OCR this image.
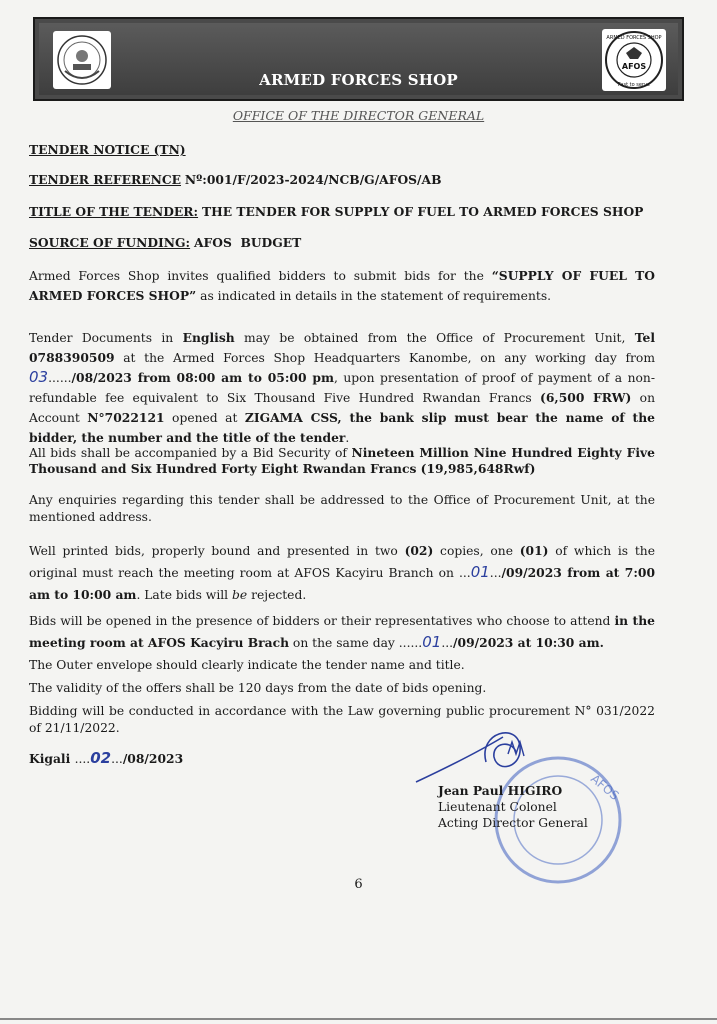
ARMED FORCES SHOP
AFOS
ARMED FORCES SHOP
Fast to serve
OFFICE OF THE DIRECTOR GENERAL
TENDER NOTICE (TN)
TENDER REFERENCE Nº:001/F/2023-2024/NCB/G/AFOS/AB
TITLE OF THE TENDER: THE TENDER FOR SUPPLY OF FUEL TO ARMED FORCES SHOP
SOURCE OF FUNDING: AFOS  BUDGET
Armed Forces Shop invites qualified bidders to submit bids for the “SUPPLY OF FUEL TO ARMED FORCES SHOP” as indicated in details in the statement of requirements.
Tender Documents in English may be obtained from the Office of Procurement Unit, Tel 0788390509 at the Armed Forces Shop Headquarters Kanombe, on any working day from 03....../08/2023 from 08:00 am to 05:00 pm, upon presentation of proof of payment of a non-refundable fee equivalent to Six Thousand Five Hundred Rwandan Francs (6,500 FRW) on Account N°7022121 opened at ZIGAMA CSS, the bank slip must bear the name of the bidder, the number and the title of the tender.
All bids shall be accompanied by a Bid Security of Nineteen Million Nine Hundred Eighty Five Thousand and Six Hundred Forty Eight Rwandan Francs (19,985,648Rwf)
Any enquiries regarding this tender shall be addressed to the Office of Procurement Unit, at the mentioned address.
Well printed bids, properly bound and presented in two (02) copies, one (01) of which is the original must reach the meeting room at AFOS Kacyiru Branch on ...01.../09/2023 from at 7:00 am to 10:00 am. Late bids will be rejected.
Bids will be opened in the presence of bidders or their representatives who choose to attend in the meeting room at AFOS Kacyiru Brach on the same day ......01.../09/2023 at 10:30 am.
The Outer envelope should clearly indicate the tender name and title.
The validity of the offers shall be 120 days from the date of bids opening.
Bidding will be conducted in accordance with the Law governing public procurement N° 031/2022 of 21/11/2022.
Kigali ....02.../08/2023
AFOS
Jean Paul HIGIRO
Lieutenant Colonel
Acting Director General
6
